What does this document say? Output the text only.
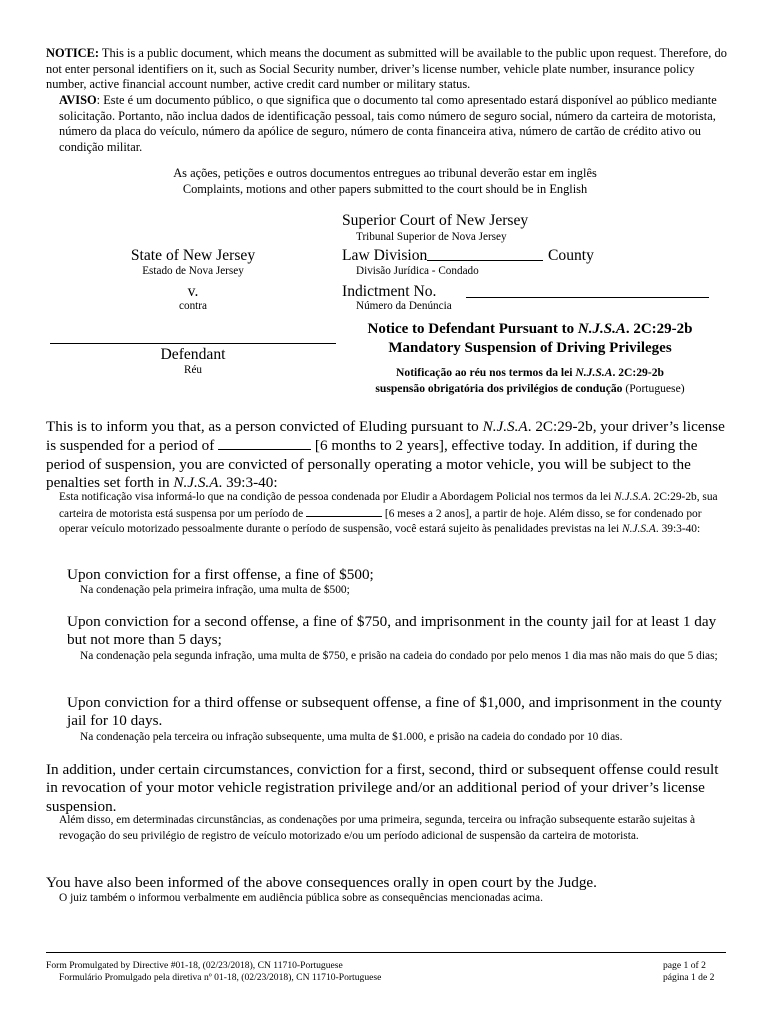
NOTICE: This is a public document, which means the document as submitted will be available to the public upon request. Therefore, do not enter personal identifiers on it, such as Social Security number, driver’s license number, vehicle plate number, insurance policy number, active financial account number, active credit card number or military status.
AVISO: Este é um documento público, o que significa que o documento tal como apresentado estará disponível ao público mediante solicitação. Portanto, não inclua dados de identificação pessoal, tais como número de seguro social, número da carteira de motorista, número da placa do veículo, número da apólice de seguro, número de conta financeira ativa, número de cartão de crédito ativo ou condição militar.
As ações, petições e outros documentos entregues ao tribunal deverão estar em inglês
Complaints, motions and other papers submitted to the court should be in English
Superior Court of New Jersey
Tribunal Superior de Nova Jersey
Law Division	County
Divisão Jurídica - Condado
Indictment No.
Número da Denúncia
State of New Jersey
Estado de Nova Jersey
v.
contra
Defendant
Réu
Notice to Defendant Pursuant to N.J.S.A. 2C:29-2b
Mandatory Suspension of Driving Privileges
Notificação ao réu nos termos da lei N.J.S.A. 2C:29-2b
suspensão obrigatória dos privilégios de condução (Portuguese)
This is to inform you that, as a person convicted of Eluding pursuant to N.J.S.A. 2C:29-2b, your driver’s license is suspended for a period of	[6 months to 2 years], effective today. In addition, if during the period of suspension, you are convicted of personally operating a motor vehicle, you will be subject to the penalties set forth in N.J.S.A. 39:3-40:
Esta notificação visa informá-lo que na condição de pessoa condenada por Eludir a Abordagem Policial nos termos da lei N.J.S.A. 2C:29-2b, sua carteira de motorista está suspensa por um período de	[6 meses a 2 anos], a partir de hoje. Além disso, se for condenado por operar veículo motorizado pessoalmente durante o período de suspensão, você estará sujeito às penalidades previstas na lei N.J.S.A. 39:3-40:
Upon conviction for a first offense, a fine of $500;
Na condenação pela primeira infração, uma multa de $500;
Upon conviction for a second offense, a fine of $750, and imprisonment in the county jail for at least 1 day but not more than 5 days;
Na condenação pela segunda infração, uma multa de $750, e prisão na cadeia do condado por pelo menos 1 dia mas não mais do que 5 dias;
Upon conviction for a third offense or subsequent offense, a fine of $1,000, and imprisonment in the county jail for 10 days.
Na condenação pela terceira ou infração subsequente, uma multa de $1.000, e prisão na cadeia do condado por 10 dias.
In addition, under certain circumstances, conviction for a first, second, third or subsequent offense could result in revocation of your motor vehicle registration privilege and/or an additional period of your driver’s license suspension.
Além disso, em determinadas circunstâncias, as condenações por uma primeira, segunda, terceira ou infração subsequente estarão sujeitas à revogação do seu privilégio de registro de veículo motorizado e/ou um período adicional de suspensão da carteira de motorista.
You have also been informed of the above consequences orally in open court by the Judge.
O juiz também o informou verbalmente em audiência pública sobre as consequências mencionadas acima.
Form Promulgated by Directive #01-18, (02/23/2018), CN 11710-Portuguese
Formulário Promulgado pela diretiva nº 01-18, (02/23/2018), CN 11710-Portuguese
page 1 of 2
página 1 de 2
